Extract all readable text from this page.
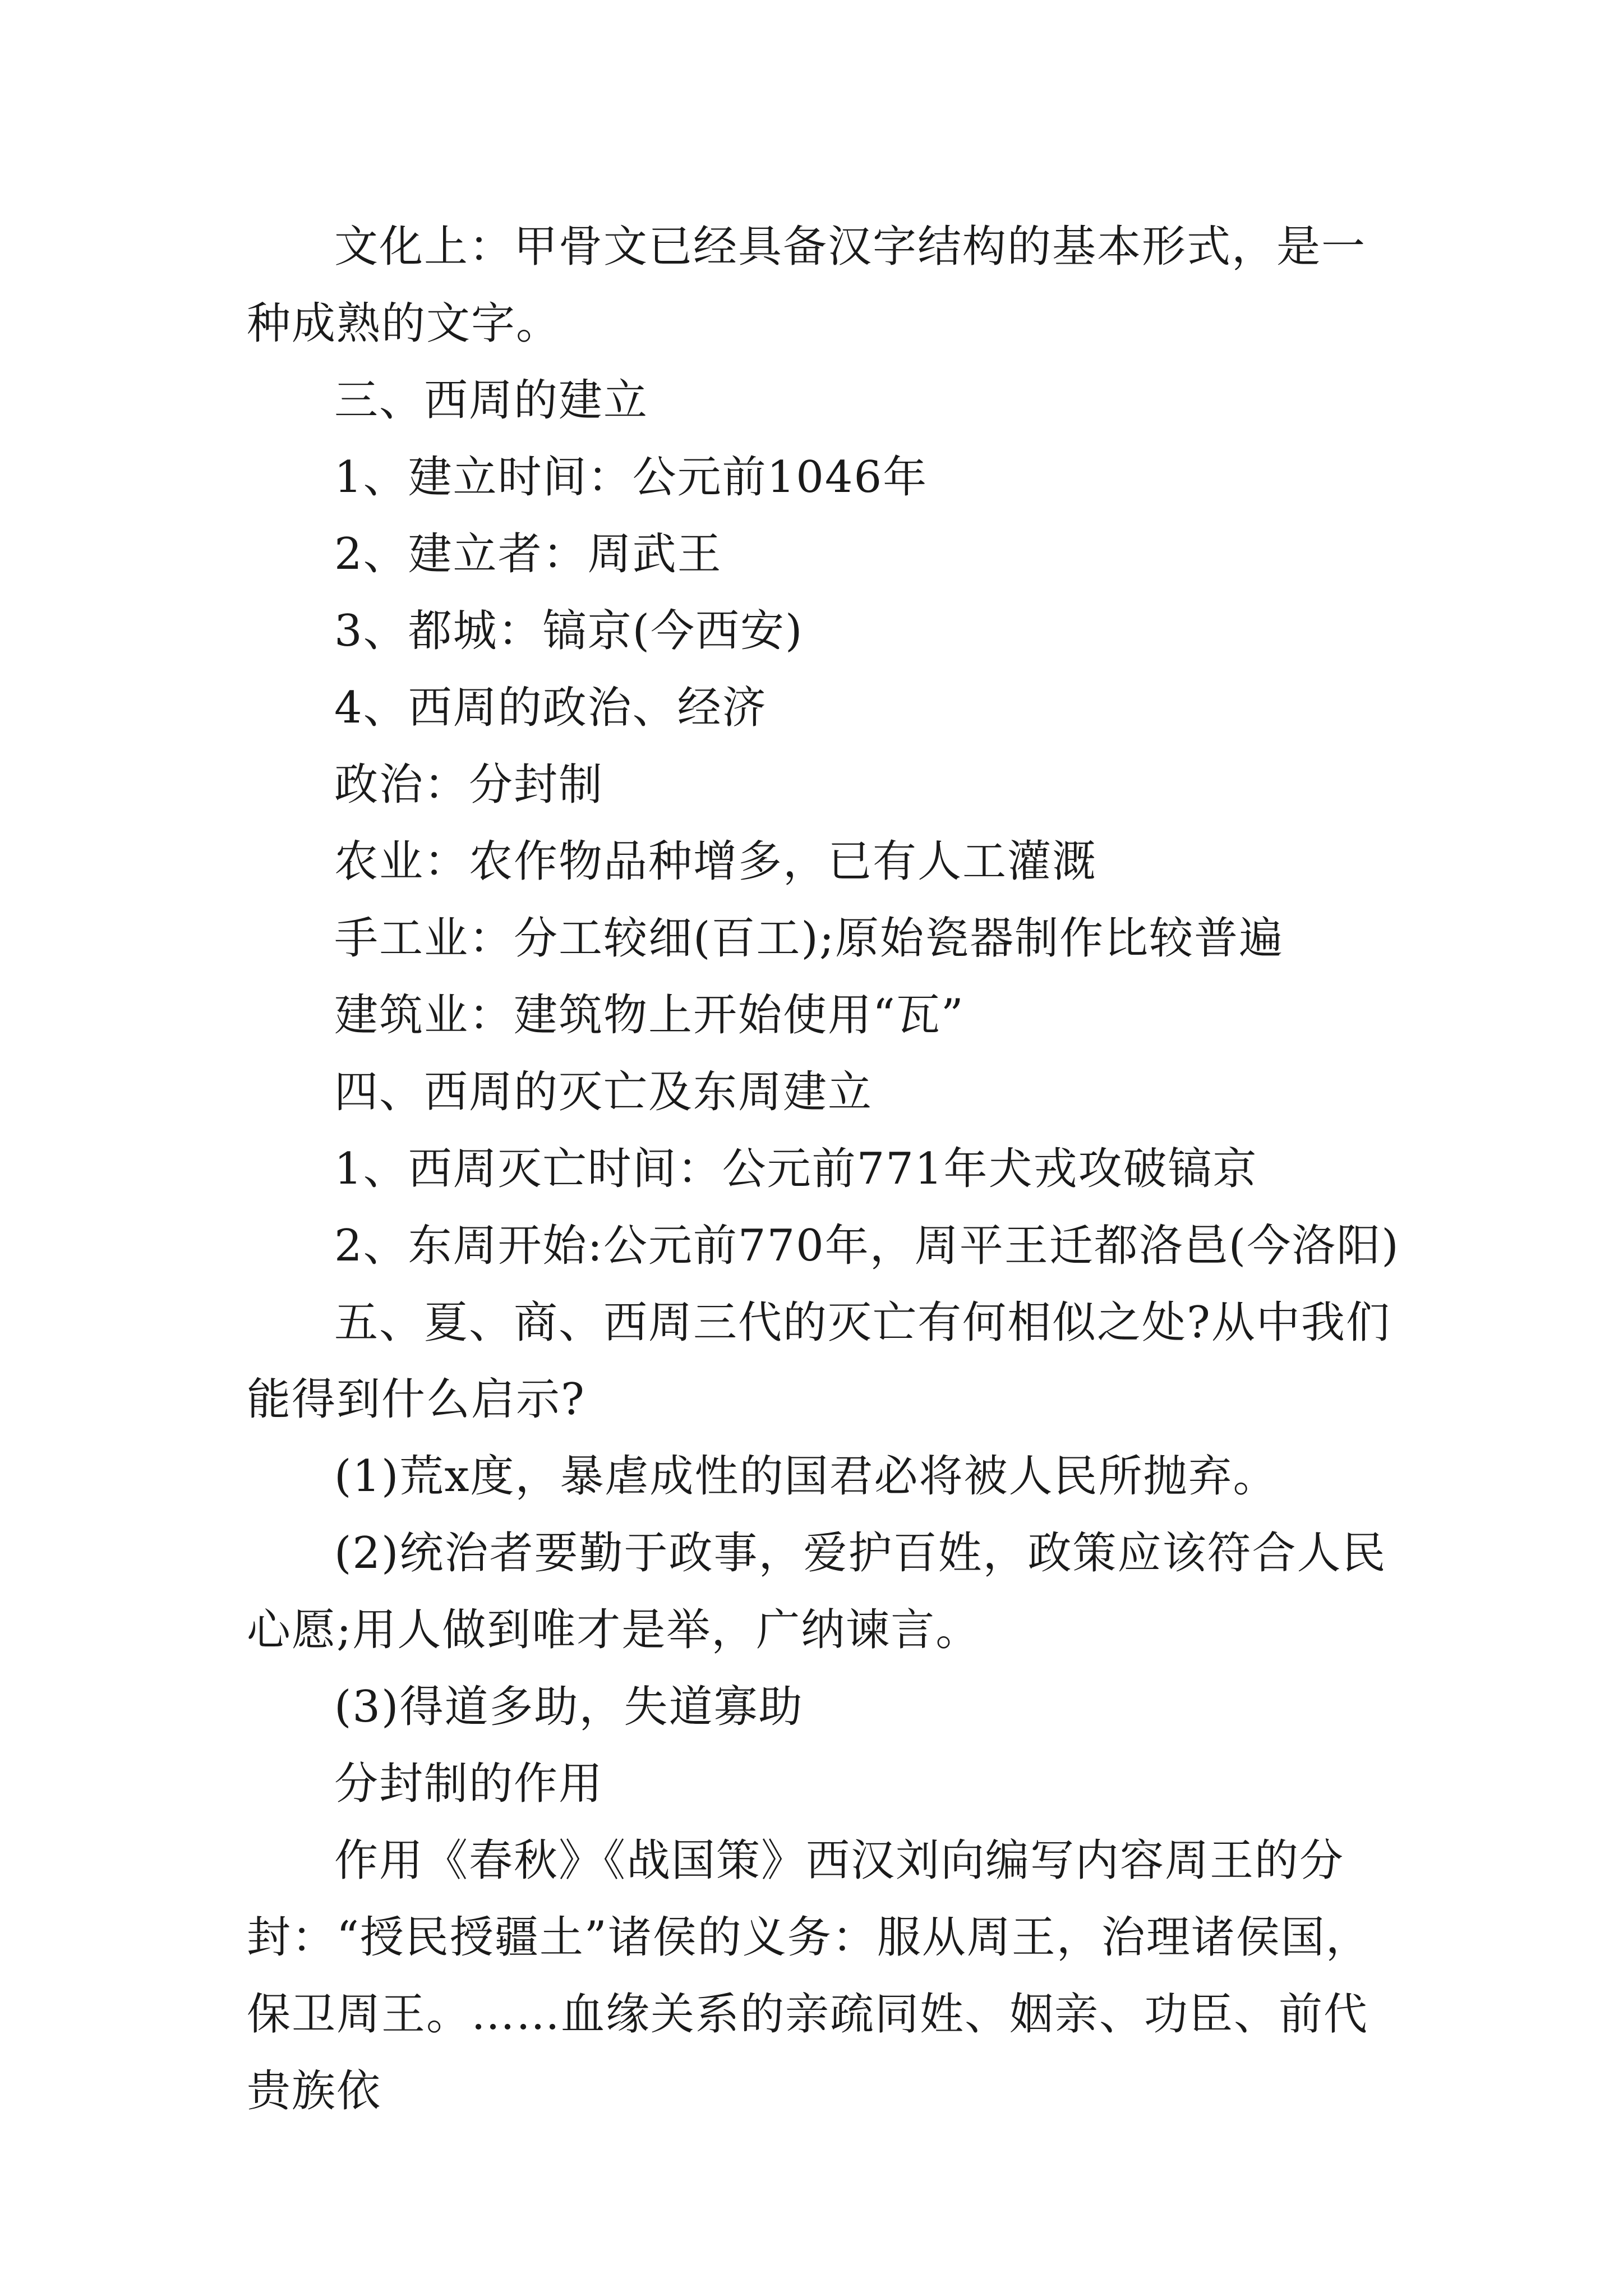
文化上：甲骨文已经具备汉字结构的基本形式，是一种成熟的文字。

三、西周的建立

1、建立时间：公元前1046年

2、建立者：周武王

3、都城：镐京(今西安)

4、西周的政治、经济

政治：分封制

农业：农作物品种增多，已有人工灌溉

手工业：分工较细(百工);原始瓷器制作比较普遍

建筑业：建筑物上开始使用“瓦”

四、西周的灭亡及东周建立

1、西周灭亡时间：公元前771年犬戎攻破镐京

2、东周开始:公元前770年，周平王迁都洛邑(今洛阳)

五、夏、商、西周三代的灭亡有何相似之处?从中我们能得到什么启示?

(1)荒x度，暴虐成性的国君必将被人民所抛弃。

(2)统治者要勤于政事，爱护百姓，政策应该符合人民心愿;用人做到唯才是举，广纳谏言。

(3)得道多助，失道寡助

分封制的作用

作用《春秋》《战国策》西汉刘向编写内容周王的分封：“授民授疆土”诸侯的义务：服从周王，治理诸侯国，保卫周王。……血缘关系的亲疏同姓、姻亲、功臣、前代贵族依
